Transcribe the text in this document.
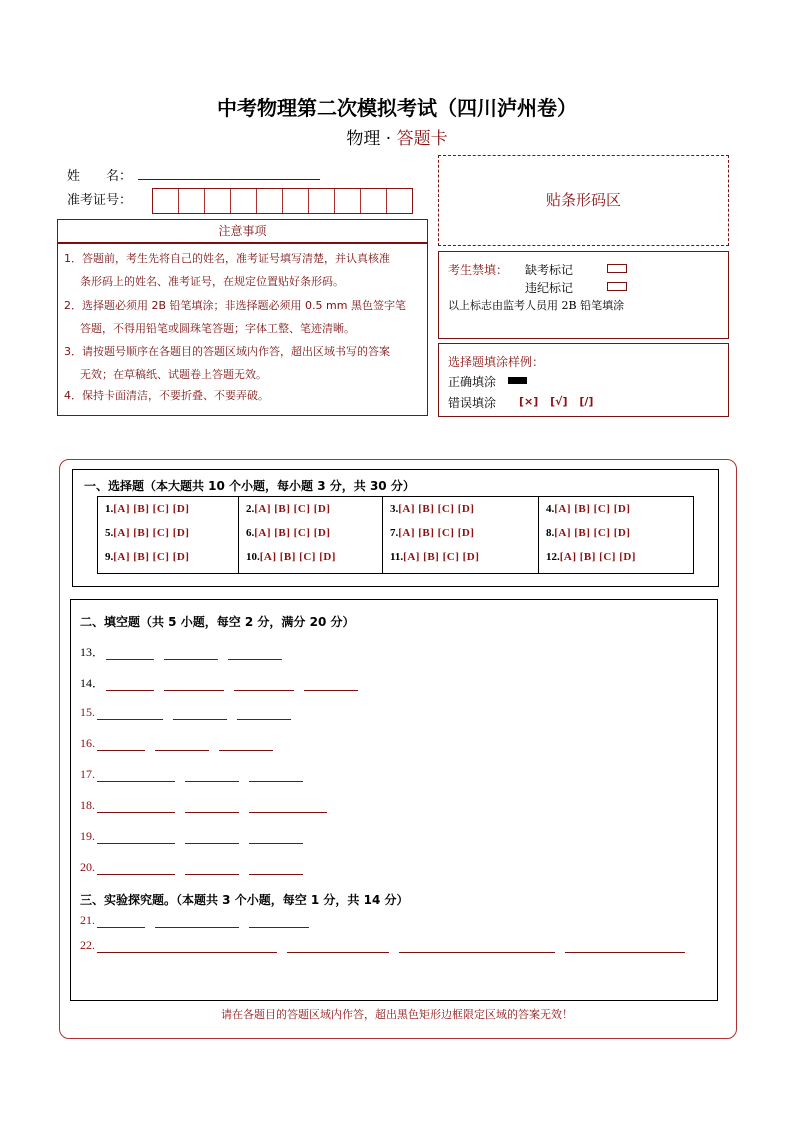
中考物理第二次模拟考试（四川泸州卷）
物理 · 答题卡
姓　　名：
准考证号：
注意事项
1．答题前，考生先将自己的姓名，准考证号填写清楚，并认真核准
条形码上的姓名、准考证号，在规定位置贴好条形码。
2．选择题必须用 2B 铅笔填涂；非选择题必须用 0.5 mm 黑色签字笔
答题，不得用铅笔或圆珠笔答题；字体工整、笔迹清晰。
3．请按题号顺序在各题目的答题区域内作答，超出区域书写的答案
无效；在草稿纸、试题卷上答题无效。
4．保持卡面清洁，不要折叠、不要弄破。
贴条形码区
考生禁填： 缺考标记
违纪标记
以上标志由监考人员用 2B 铅笔填涂
选择题填涂样例：
正确填涂
错误填涂 [×] [√] [/]
一、选择题（本大题共 10 个小题，每小题 3 分，共 30 分）
1.[A] [B] [C] [D]
5.[A] [B] [C] [D]
9.[A] [B] [C] [D]
2.[A] [B] [C] [D]
6.[A] [B] [C] [D]
10.[A] [B] [C] [D]
3.[A] [B] [C] [D]
7.[A] [B] [C] [D]
11.[A] [B] [C] [D]
4.[A] [B] [C] [D]
8.[A] [B] [C] [D]
12.[A] [B] [C] [D]
二、填空题（共 5 小题，每空 2 分，满分 20 分）
13．
14．
15.
16.
17.
18.
19.
20.
21.
22.
三、实验探究题。（本题共 3 个小题，每空 1 分，共 14 分）
请在各题目的答题区域内作答，超出黑色矩形边框限定区域的答案无效！
